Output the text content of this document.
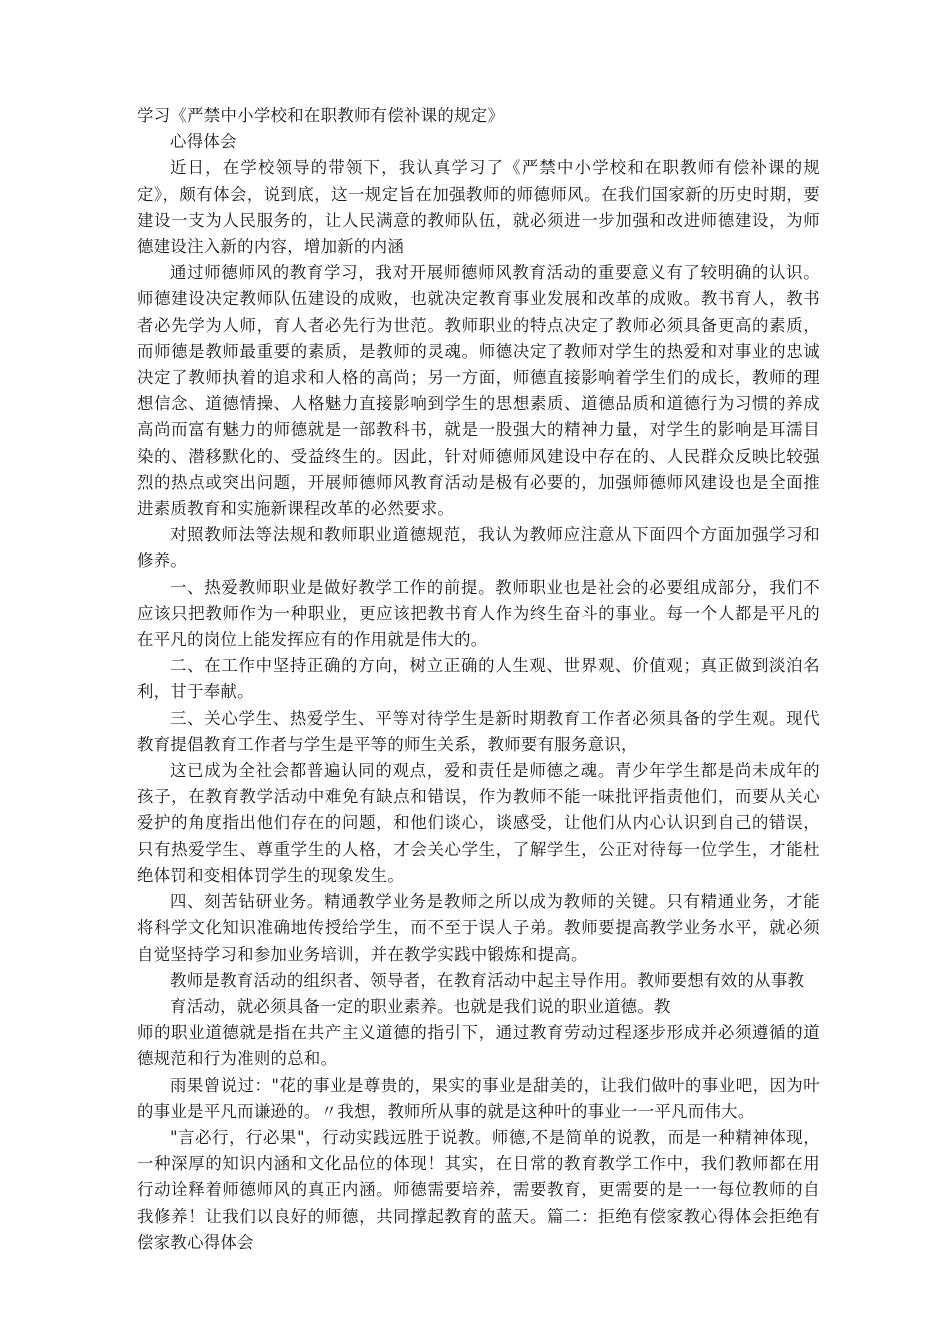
学习《严禁中小学校和在职教师有偿补课的规定》

心得体会

近日，在学校领导的带领下，我认真学习了《严禁中小学校和在职教师有偿补课的规定》，颇有体会，说到底，这一规定旨在加强教师的师德师风。在我们国家新的历史时期，要建设一支为人民服务的，让人民满意的教师队伍，就必须进一步加强和改进师德建设，为师德建设注入新的内容，增加新的内涵

通过师德师风的教育学习，我对开展师德师风教育活动的重要意义有了较明确的认识。师德建设决定教师队伍建设的成败，也就决定教育事业发展和改革的成败。教书育人，教书者必先学为人师，育人者必先行为世范。教师职业的特点决定了教师必须具备更高的素质，而师德是教师最重要的素质，是教师的灵魂。师德决定了教师对学生的热爱和对事业的忠诚决定了教师执着的追求和人格的高尚；另一方面，师德直接影响着学生们的成长，教师的理想信念、道德情操、人格魅力直接影响到学生的思想素质、道德品质和道德行为习惯的养成高尚而富有魅力的师德就是一部教科书，就是一股强大的精神力量，对学生的影响是耳濡目染的、潜移默化的、受益终生的。因此，针对师德师风建设中存在的、人民群众反映比较强烈的热点或突出问题，开展师德师风教育活动是极有必要的，加强师德师风建设也是全面推进素质教育和实施新课程改革的必然要求。

对照教师法等法规和教师职业道德规范，我认为教师应注意从下面四个方面加强学习和修养。

一、热爱教师职业是做好教学工作的前提。教师职业也是社会的必要组成部分，我们不应该只把教师作为一种职业，更应该把教书育人作为终生奋斗的事业。每一个人都是平凡的在平凡的岗位上能发挥应有的作用就是伟大的。

二、在工作中坚持正确的方向，树立正确的人生观、世界观、价值观；真正做到淡泊名利，甘于奉献。

三、关心学生、热爱学生、平等对待学生是新时期教育工作者必须具备的学生观。现代教育提倡教育工作者与学生是平等的师生关系，教师要有服务意识，

这已成为全社会都普遍认同的观点，爱和责任是师德之魂。青少年学生都是尚未成年的孩子，在教育教学活动中难免有缺点和错误，作为教师不能一味批评指责他们，而要从关心爱护的角度指出他们存在的问题，和他们谈心，谈感受，让他们从内心认识到自己的错误，只有热爱学生、尊重学生的人格，才会关心学生，了解学生，公正对待每一位学生，才能杜绝体罚和变相体罚学生的现象发生。

四、刻苦钻研业务。精通教学业务是教师之所以成为教师的关键。只有精通业务，才能将科学文化知识准确地传授给学生，而不至于误人子弟。教师要提高教学业务水平，就必须自觉坚持学习和参加业务培训，并在教学实践中锻炼和提高。

教师是教育活动的组织者、领导者，在教育活动中起主导作用。教师要想有效的从事教

育活动，就必须具备一定的职业素养。也就是我们说的职业道德。教

师的职业道德就是指在共产主义道德的指引下，通过教育劳动过程逐步形成并必须遵循的道德规范和行为准则的总和。

雨果曾说过："花的事业是尊贵的，果实的事业是甜美的，让我们做叶的事业吧，因为叶的事业是平凡而谦逊的。〃我想，教师所从事的就是这种叶的事业一一平凡而伟大。

"言必行，行必果"，行动实践远胜于说教。师德,不是简单的说教，而是一种精神体现，一种深厚的知识内涵和文化品位的体现！其实，在日常的教育教学工作中，我们教师都在用行动诠释着师德师风的真正内涵。师德需要培养，需要教育，更需要的是一一每位教师的自我修养！让我们以良好的师德，共同撑起教育的蓝天。篇二：拒绝有偿家教心得体会拒绝有偿家教心得体会
